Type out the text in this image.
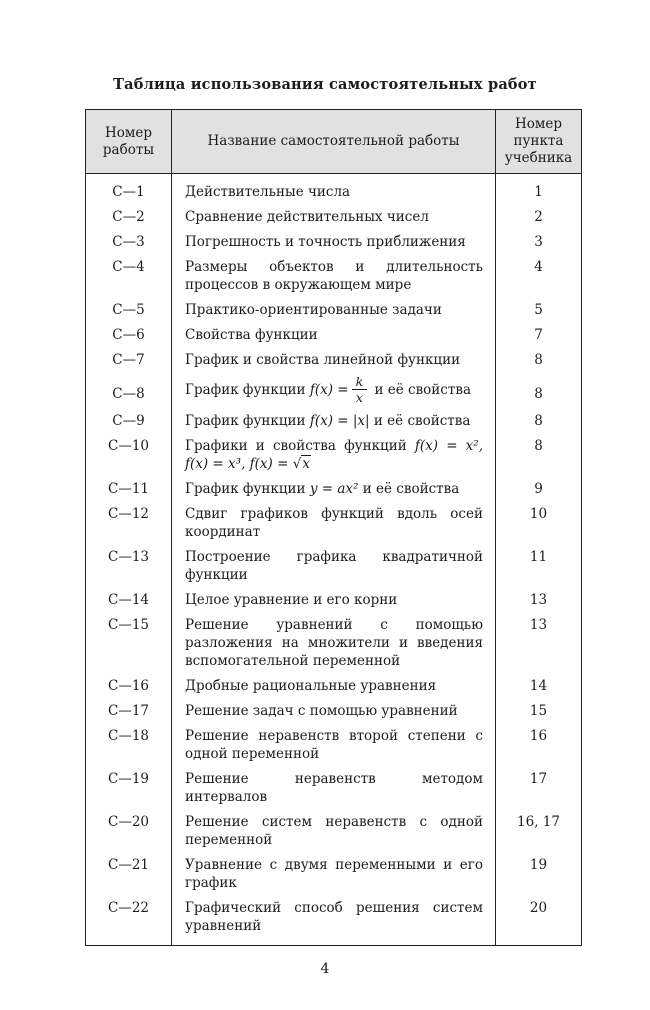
Таблица использования самостоятельных работ
Номер работы	Название самостоятельной работы	Номер пункта учебника
С—1	Действительные числа	1
С—2	Сравнение действительных чисел	2
С—3	Погрешность и точность приближения	3
С—4	Размеры объектов и длительность процессов в окружающем мире	4
С—5	Практико-ориентированные задачи	5
С—6	Свойства функции	7
С—7	График и свойства линейной функции	8
С—8	График функции $f(x) = \frac{k}{x}$ и её свойства	8
С—9	График функции f(x) = |x| и её свойства	8
С—10	Графики и свойства функций f(x) = x², f(x) = x³, f(x) = √x	8
С—11	График функции y = ax² и её свойства	9
С—12	Сдвиг графиков функций вдоль осей координат	10
С—13	Построение графика квадратичной функции	11
С—14	Целое уравнение и его корни	13
С—15	Решение уравнений с помощью разложения на множители и введения вспомогательной переменной	13
С—16	Дробные рациональные уравнения	14
С—17	Решение задач с помощью уравнений	15
С—18	Решение неравенств второй степени с одной переменной	16
С—19	Решение неравенств методом интервалов	17
С—20	Решение систем неравенств с одной переменной	16, 17
С—21	Уравнение с двумя переменными и его график	19
С—22	Графический способ решения систем уравнений	20
4
